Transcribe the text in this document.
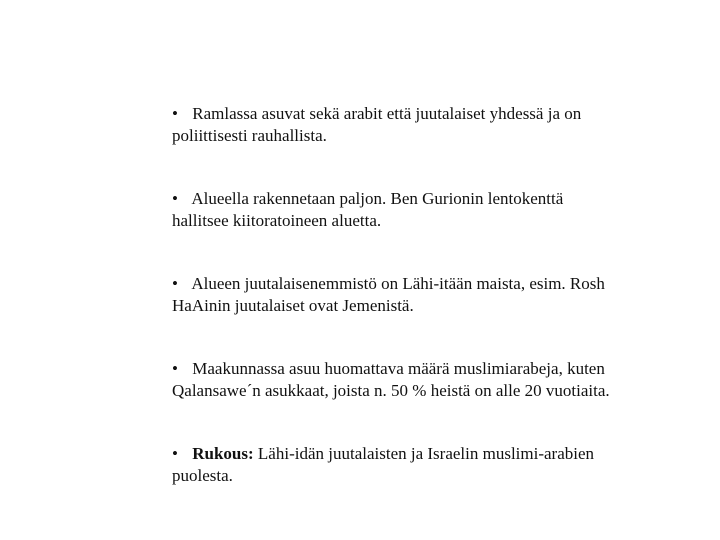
• Ramlassa asuvat sekä arabit että juutalaiset yhdessä ja on poliittisesti rauhallista.
• Alueella rakennetaan paljon. Ben Gurionin lentokenttä hallitsee kiitoratoineen aluetta.
• Alueen juutalaisenemmistö on Lähi-itään maista, esim. Rosh HaAinin juutalaiset ovat Jemenistä.
• Maakunnassa asuu huomattava määrä muslimiarabeja, kuten Qalansawe´n asukkaat, joista n. 50 % heistä on alle 20 vuotiaita.
• Rukous: Lähi-idän juutalaisten ja Israelin muslimi-arabien puolesta.
